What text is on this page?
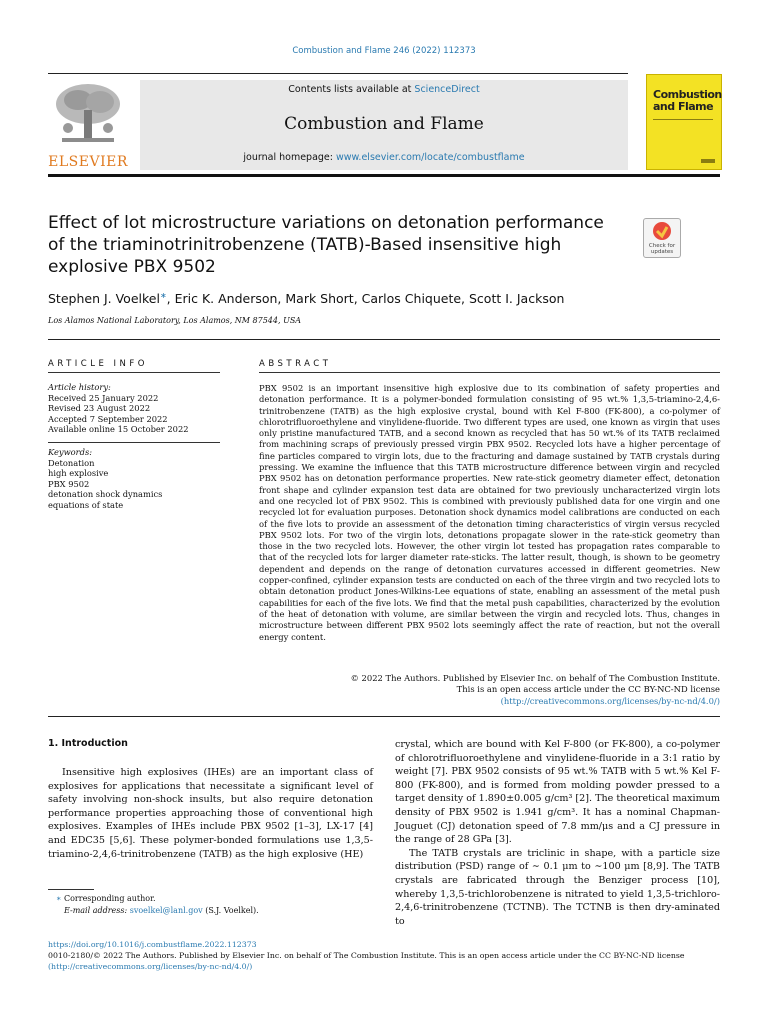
Combustion and Flame 246 (2022) 112373
ELSEVIER
Contents lists available at ScienceDirect
Combustion and Flame
journal homepage: www.elsevier.com/locate/combustflame
Combustion
and Flame
Effect of lot microstructure variations on detonation performance of the triaminotrinitrobenzene (TATB)-Based insensitive high explosive PBX 9502
Check for
updates
Stephen J. Voelkel∗, Eric K. Anderson, Mark Short, Carlos Chiquete, Scott I. Jackson
Los Alamos National Laboratory, Los Alamos, NM 87544, USA
ARTICLE INFO
Article history:
Received 25 January 2022
Revised 23 August 2022
Accepted 7 September 2022
Available online 15 October 2022
Keywords:
Detonation
high explosive
PBX 9502
detonation shock dynamics
equations of state
ABSTRACT
PBX 9502 is an important insensitive high explosive due to its combination of safety properties and detonation performance. It is a polymer-bonded formulation consisting of 95 wt.% 1,3,5-triamino-2,4,6-trinitrobenzene (TATB) as the high explosive crystal, bound with Kel F-800 (FK-800), a co-polymer of chlorotrifluoroethylene and vinylidene-fluoride. Two different types are used, one known as virgin that uses only pristine manufactured TATB, and a second known as recycled that has 50 wt.% of its TATB reclaimed from machining scraps of previously pressed virgin PBX 9502. Recycled lots have a higher percentage of fine particles compared to virgin lots, due to the fracturing and damage sustained by TATB crystals during pressing. We examine the influence that this TATB microstructure difference between virgin and recycled PBX 9502 has on detonation performance properties. New rate-stick geometry diameter effect, detonation front shape and cylinder expansion test data are obtained for two previously uncharacterized virgin lots and one recycled lot of PBX 9502. This is combined with previously published data for one virgin and one recycled lot for evaluation purposes. Detonation shock dynamics model calibrations are conducted on each of the five lots to provide an assessment of the detonation timing characteristics of virgin versus recycled PBX 9502 lots. For two of the virgin lots, detonations propagate slower in the rate-stick geometry than those in the two recycled lots. However, the other virgin lot tested has propagation rates comparable to that of the recycled lots for larger diameter rate-sticks. The latter result, though, is shown to be geometry dependent and depends on the range of detonation curvatures accessed in different geometries. New copper-confined, cylinder expansion tests are conducted on each of the three virgin and two recycled lots to obtain detonation product Jones-Wilkins-Lee equations of state, enabling an assessment of the metal push capabilities for each of the five lots. We find that the metal push capabilities, characterized by the evolution of the heat of detonation with volume, are similar between the virgin and recycled lots. Thus, changes in microstructure between different PBX 9502 lots seemingly affect the rate of reaction, but not the overall energy content.
© 2022 The Authors. Published by Elsevier Inc. on behalf of The Combustion Institute.
This is an open access article under the CC BY-NC-ND license
(http://creativecommons.org/licenses/by-nc-nd/4.0/)
1. Introduction

Insensitive high explosives (IHEs) are an important class of explosives for applications that necessitate a significant level of safety involving non-shock insults, but also require detonation performance properties approaching those of conventional high explosives. Examples of IHEs include PBX 9502 [1–3], LX-17 [4] and EDC35 [5,6]. These polymer-bonded formulations use 1,3,5-triamino-2,4,6-trinitrobenzene (TATB) as the high explosive (HE)

crystal, which are bound with Kel F-800 (or FK-800), a co-polymer of chlorotrifluoroethylene and vinylidene-fluoride in a 3:1 ratio by weight [7]. PBX 9502 consists of 95 wt.% TATB with 5 wt.% Kel F-800 (FK-800), and is formed from molding powder pressed to a target density of 1.890±0.005 g/cm³ [2]. The theoretical maximum density of PBX 9502 is 1.941 g/cm³. It has a nominal Chapman-Jouguet (CJ) detonation speed of 7.8 mm/μs and a CJ pressure in the range of 28 GPa [3].

The TATB crystals are triclinic in shape, with a particle size distribution (PSD) range of ∼ 0.1 μm to ∼100 μm [8,9]. The TATB crystals are fabricated through the Benziger process [10], whereby 1,3,5-trichlorobenzene is nitrated to yield 1,3,5-trichloro-2,4,6-trinitrobenzene (TCTNB). The TCTNB is then dry-aminated to

∗ Corresponding author.
E-mail address: svoelkel@lanl.gov (S.J. Voelkel).
https://doi.org/10.1016/j.combustflame.2022.112373
0010-2180/© 2022 The Authors. Published by Elsevier Inc. on behalf of The Combustion Institute. This is an open access article under the CC BY-NC-ND license
(http://creativecommons.org/licenses/by-nc-nd/4.0/)
